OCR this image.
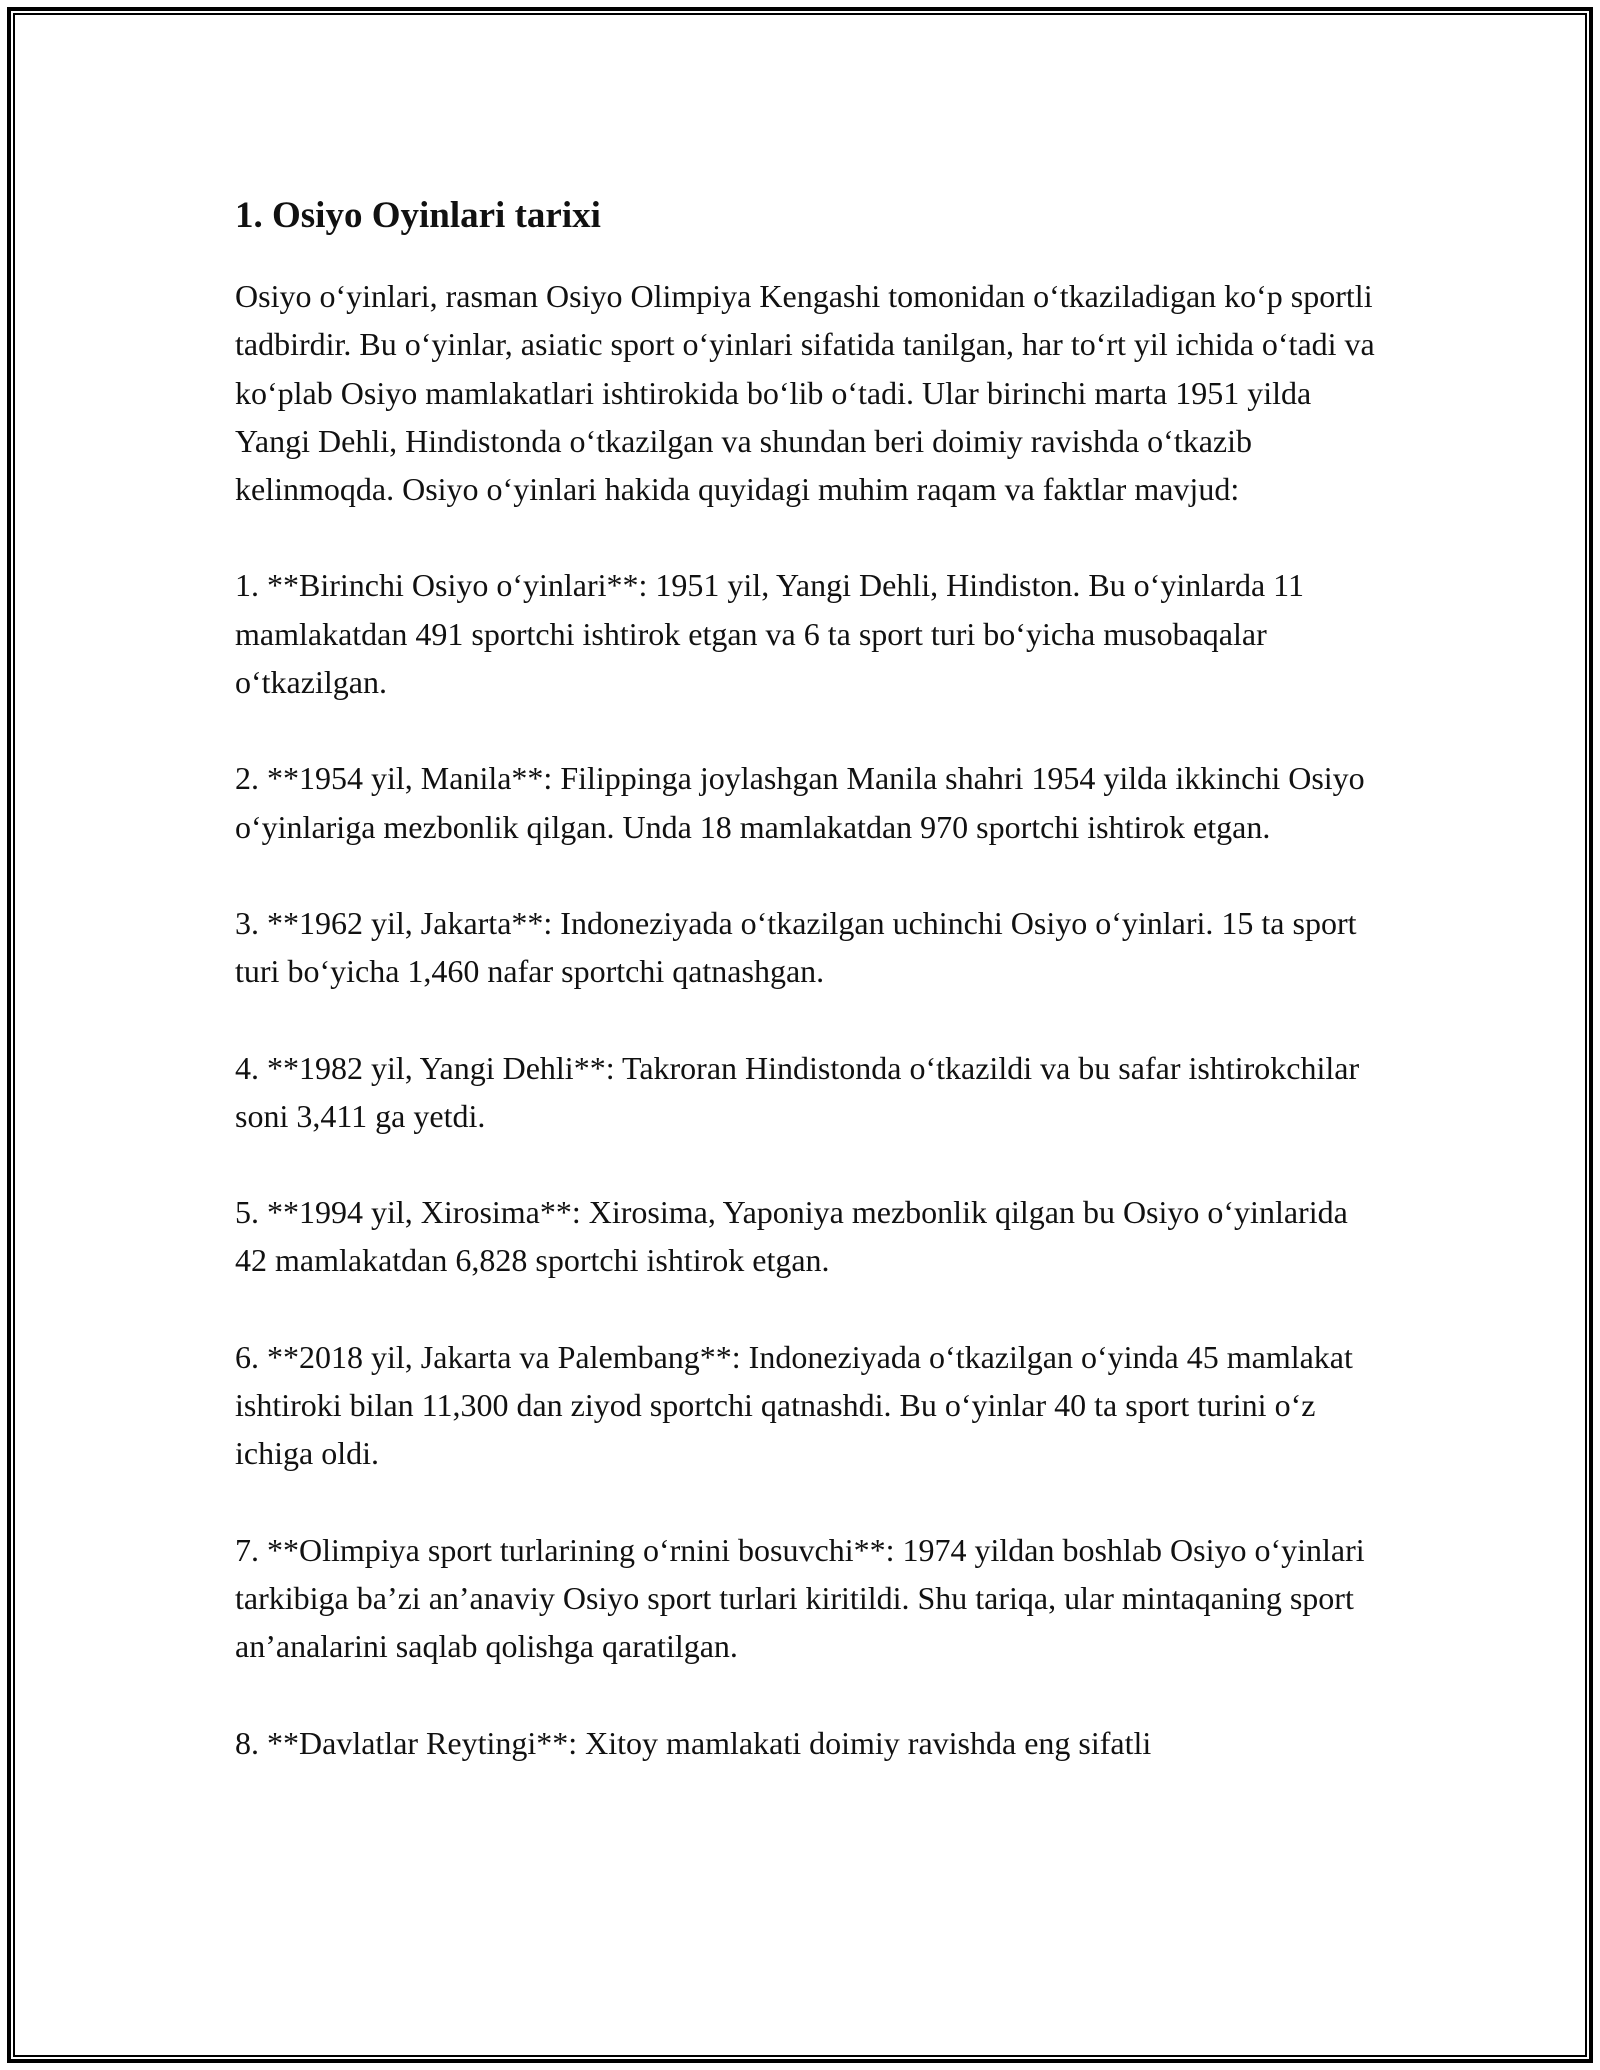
1. Osiyo Oyinlari tarixi

Osiyo oʻyinlari, rasman Osiyo Olimpiya Kengashi tomonidan oʻtkaziladigan koʻp sportli tadbirdir. Bu oʻyinlar, asiatic sport oʻyinlari sifatida tanilgan, har toʻrt yil ichida oʻtadi va koʻplab Osiyo mamlakatlari ishtirokida boʻlib oʻtadi. Ular birinchi marta 1951 yilda Yangi Dehli, Hindistonda oʻtkazilgan va shundan beri doimiy ravishda oʻtkazib kelinmoqda. Osiyo oʻyinlari hakida quyidagi muhim raqam va faktlar mavjud:

1. **Birinchi Osiyo oʻyinlari**: 1951 yil, Yangi Dehli, Hindiston. Bu oʻyinlarda 11 mamlakatdan 491 sportchi ishtirok etgan va 6 ta sport turi boʻyicha musobaqalar oʻtkazilgan.

2. **1954 yil, Manila**: Filippinga joylashgan Manila shahri 1954 yilda ikkinchi Osiyo oʻyinlariga mezbonlik qilgan. Unda 18 mamlakatdan 970 sportchi ishtirok etgan.

3. **1962 yil, Jakarta**: Indoneziyada oʻtkazilgan uchinchi Osiyo oʻyinlari. 15 ta sport turi boʻyicha 1,460 nafar sportchi qatnashgan.

4. **1982 yil, Yangi Dehli**: Takroran Hindistonda oʻtkazildi va bu safar ishtirokchilar soni 3,411 ga yetdi.

5. **1994 yil, Xirosima**: Xirosima, Yaponiya mezbonlik qilgan bu Osiyo oʻyinlarida 42 mamlakatdan 6,828 sportchi ishtirok etgan.

6. **2018 yil, Jakarta va Palembang**: Indoneziyada oʻtkazilgan oʻyinda 45 mamlakat ishtiroki bilan 11,300 dan ziyod sportchi qatnashdi. Bu oʻyinlar 40 ta sport turini oʻz ichiga oldi.

7. **Olimpiya sport turlarining oʻrnini bosuvchi**: 1974 yildan boshlab Osiyo oʻyinlari tarkibiga baʼzi anʼanaviy Osiyo sport turlari kiritildi. Shu tariqa, ular mintaqaning sport anʼanalarini saqlab qolishga qaratilgan.

8. **Davlatlar Reytingi**: Xitoy mamlakati doimiy ravishda eng sifatli
